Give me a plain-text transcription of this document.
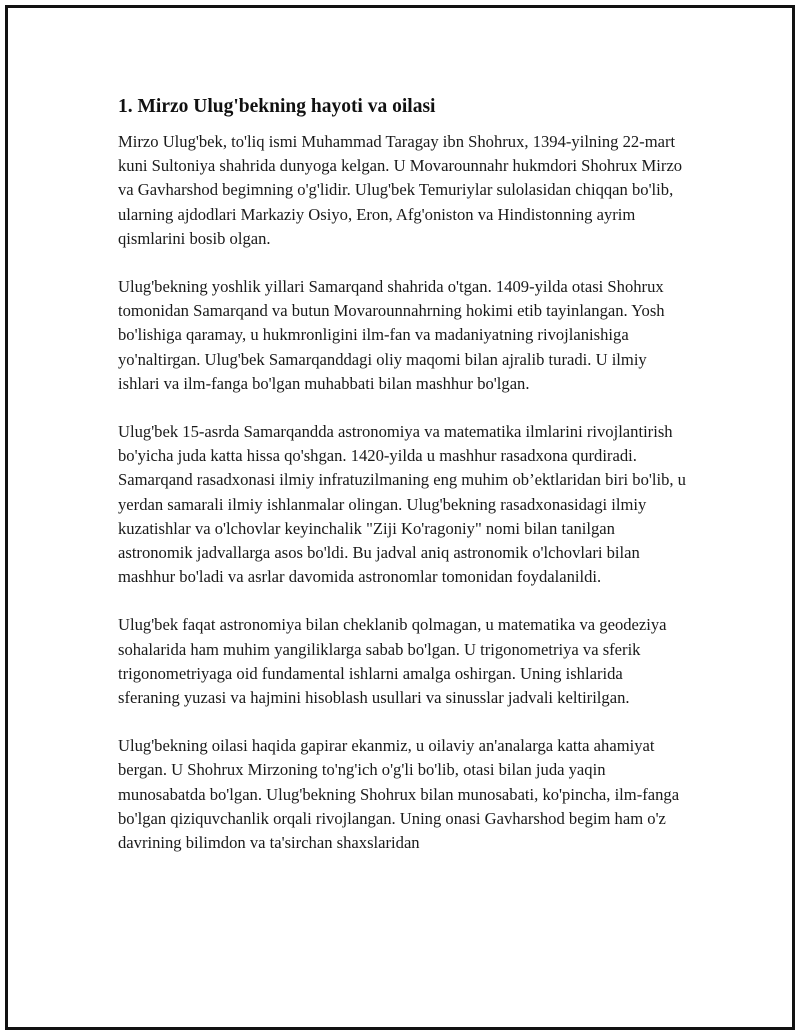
1. Mirzo Ulug'bekning hayoti va oilasi

Mirzo Ulug'bek, to'liq ismi Muhammad Taragay ibn Shohrux, 1394-yilning 22-mart kuni Sultoniya shahrida dunyoga kelgan. U Movarounnahr hukmdori Shohrux Mirzo va Gavharshod begimning o'g'lidir. Ulug'bek Temuriylar sulolasidan chiqqan bo'lib, ularning ajdodlari Markaziy Osiyo, Eron, Afg'oniston va Hindistonning ayrim qismlarini bosib olgan.

Ulug'bekning yoshlik yillari Samarqand shahrida o'tgan. 1409-yilda otasi Shohrux tomonidan Samarqand va butun Movarounnahrning hokimi etib tayinlangan. Yosh bo'lishiga qaramay, u hukmronligini ilm-fan va madaniyatning rivojlanishiga yo'naltirgan. Ulug'bek Samarqanddagi oliy maqomi bilan ajralib turadi. U ilmiy ishlari va ilm-fanga bo'lgan muhabbati bilan mashhur bo'lgan.

Ulug'bek 15-asrda Samarqandda astronomiya va matematika ilmlarini rivojlantirish bo'yicha juda katta hissa qo'shgan. 1420-yilda u mashhur rasadxona qurdiradi. Samarqand rasadxonasi ilmiy infratuzilmaning eng muhim ob’ektlaridan biri bo'lib, u yerdan samarali ilmiy ishlanmalar olingan. Ulug'bekning rasadxonasidagi ilmiy kuzatishlar va o'lchovlar keyinchalik "Ziji Ko'ragoniy" nomi bilan tanilgan astronomik jadvallarga asos bo'ldi. Bu jadval aniq astronomik o'lchovlari bilan mashhur bo'ladi va asrlar davomida astronomlar tomonidan foydalanildi.

Ulug'bek faqat astronomiya bilan cheklanib qolmagan, u matematika va geodeziya sohalarida ham muhim yangiliklarga sabab bo'lgan. U trigonometriya va sferik trigonometriyaga oid fundamental ishlarni amalga oshirgan. Uning ishlarida sferaning yuzasi va hajmini hisoblash usullari va sinusslar jadvali keltirilgan.

Ulug'bekning oilasi haqida gapirar ekanmiz, u oilaviy an'analarga katta ahamiyat bergan. U Shohrux Mirzoning to'ng'ich o'g'li bo'lib, otasi bilan juda yaqin munosabatda bo'lgan. Ulug'bekning Shohrux bilan munosabati, ko'pincha, ilm-fanga bo'lgan qiziquvchanlik orqali rivojlangan. Uning onasi Gavharshod begim ham o'z davrining bilimdon va ta'sirchan shaxslaridan
